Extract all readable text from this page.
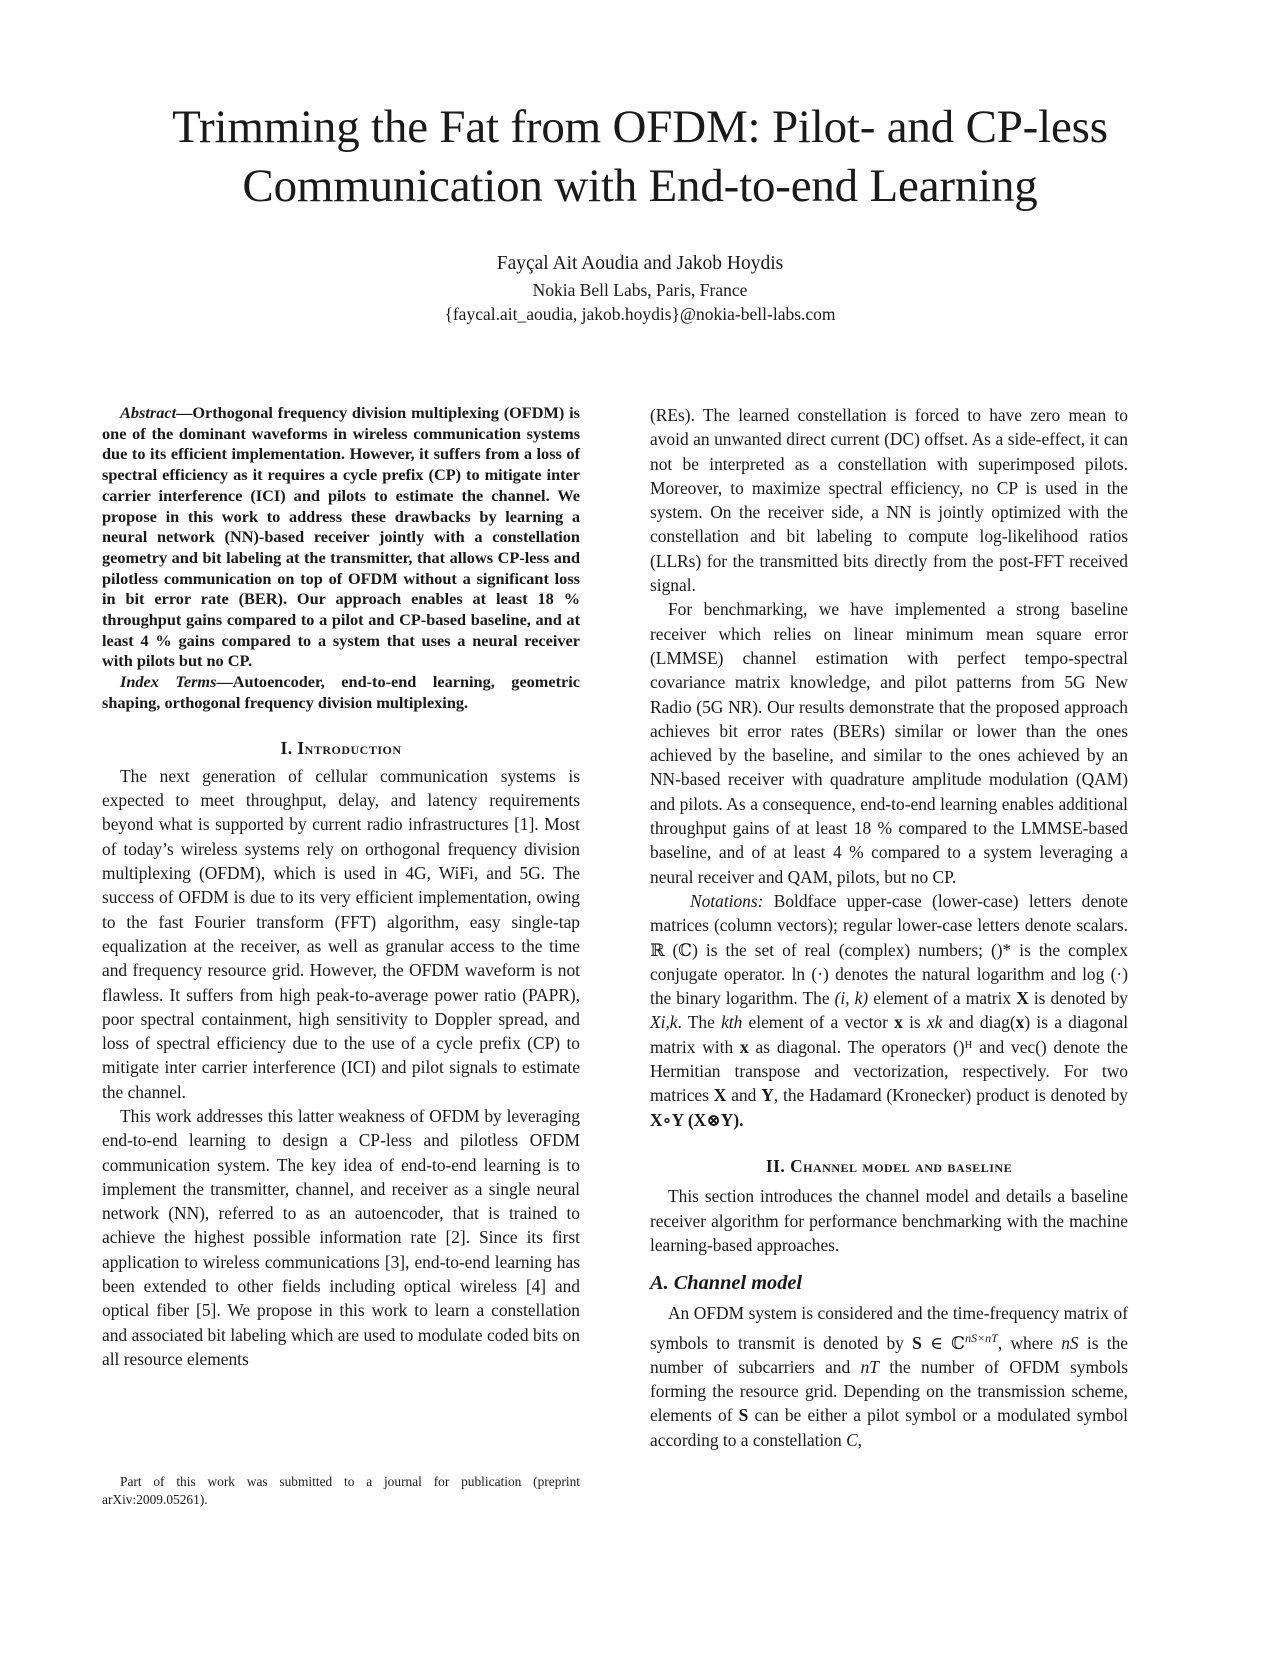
Trimming the Fat from OFDM: Pilot- and CP-less
Communication with End-to-end Learning
Fayçal Ait Aoudia and Jakob Hoydis
Nokia Bell Labs, Paris, France
{faycal.ait_aoudia, jakob.hoydis}@nokia-bell-labs.com

Abstract—Orthogonal frequency division multiplexing (OFDM) is one of the dominant waveforms in wireless communication systems due to its efficient implementation. However, it suffers from a loss of spectral efficiency as it requires a cycle prefix (CP) to mitigate inter carrier interference (ICI) and pilots to estimate the channel. We propose in this work to address these drawbacks by learning a neural network (NN)-based receiver jointly with a constellation geometry and bit labeling at the transmitter, that allows CP-less and pilotless communication on top of OFDM without a significant loss in bit error rate (BER). Our approach enables at least 18 % throughput gains compared to a pilot and CP-based baseline, and at least 4 % gains compared to a system that uses a neural receiver with pilots but no CP.

Index Terms—Autoencoder, end-to-end learning, geometric shaping, orthogonal frequency division multiplexing.

I. Introduction

The next generation of cellular communication systems is expected to meet throughput, delay, and latency requirements beyond what is supported by current radio infrastructures [1]. Most of today’s wireless systems rely on orthogonal frequency division multiplexing (OFDM), which is used in 4G, WiFi, and 5G. The success of OFDM is due to its very efficient implementation, owing to the fast Fourier transform (FFT) algorithm, easy single-tap equalization at the receiver, as well as granular access to the time and frequency resource grid. However, the OFDM waveform is not flawless. It suffers from high peak-to-average power ratio (PAPR), poor spectral containment, high sensitivity to Doppler spread, and loss of spectral efficiency due to the use of a cycle prefix (CP) to mitigate inter carrier interference (ICI) and pilot signals to estimate the channel.

This work addresses this latter weakness of OFDM by leveraging end-to-end learning to design a CP-less and pilotless OFDM communication system. The key idea of end-to-end learning is to implement the transmitter, channel, and receiver as a single neural network (NN), referred to as an autoencoder, that is trained to achieve the highest possible information rate [2]. Since its first application to wireless communications [3], end-to-end learning has been extended to other fields including optical wireless [4] and optical fiber [5]. We propose in this work to learn a constellation and associated bit labeling which are used to modulate coded bits on all resource elements

Part of this work was submitted to a journal for publication (preprint arXiv:2009.05261).

(REs). The learned constellation is forced to have zero mean to avoid an unwanted direct current (DC) offset. As a side-effect, it can not be interpreted as a constellation with superimposed pilots. Moreover, to maximize spectral efficiency, no CP is used in the system. On the receiver side, a NN is jointly optimized with the constellation and bit labeling to compute log-likelihood ratios (LLRs) for the transmitted bits directly from the post-FFT received signal.

For benchmarking, we have implemented a strong baseline receiver which relies on linear minimum mean square error (LMMSE) channel estimation with perfect tempo-spectral covariance matrix knowledge, and pilot patterns from 5G New Radio (5G NR). Our results demonstrate that the proposed approach achieves bit error rates (BERs) similar or lower than the ones achieved by the baseline, and similar to the ones achieved by an NN-based receiver with quadrature amplitude modulation (QAM) and pilots. As a consequence, end-to-end learning enables additional throughput gains of at least 18 % compared to the LMMSE-based baseline, and of at least 4 % compared to a system leveraging a neural receiver and QAM, pilots, but no CP.

Notations: Boldface upper-case (lower-case) letters denote matrices (column vectors); regular lower-case letters denote scalars. ℝ (ℂ) is the set of real (complex) numbers; ()* is the complex conjugate operator. ln (·) denotes the natural logarithm and log (·) the binary logarithm. The (i, k) element of a matrix X is denoted by Xi,k. The kth element of a vector x is xk and diag(x) is a diagonal matrix with x as diagonal. The operators ()ᴴ and vec() denote the Hermitian transpose and vectorization, respectively. For two matrices X and Y, the Hadamard (Kronecker) product is denoted by X∘Y (X⊗Y).

II. Channel model and baseline

This section introduces the channel model and details a baseline receiver algorithm for performance benchmarking with the machine learning-based approaches.

A. Channel model

An OFDM system is considered and the time-frequency matrix of symbols to transmit is denoted by S ∈ ℂ$^{nS\times nT}$, where nS is the number of subcarriers and nT the number of OFDM symbols forming the resource grid. Depending on the transmission scheme, elements of S can be either a pilot symbol or a modulated symbol according to a constellation C,
